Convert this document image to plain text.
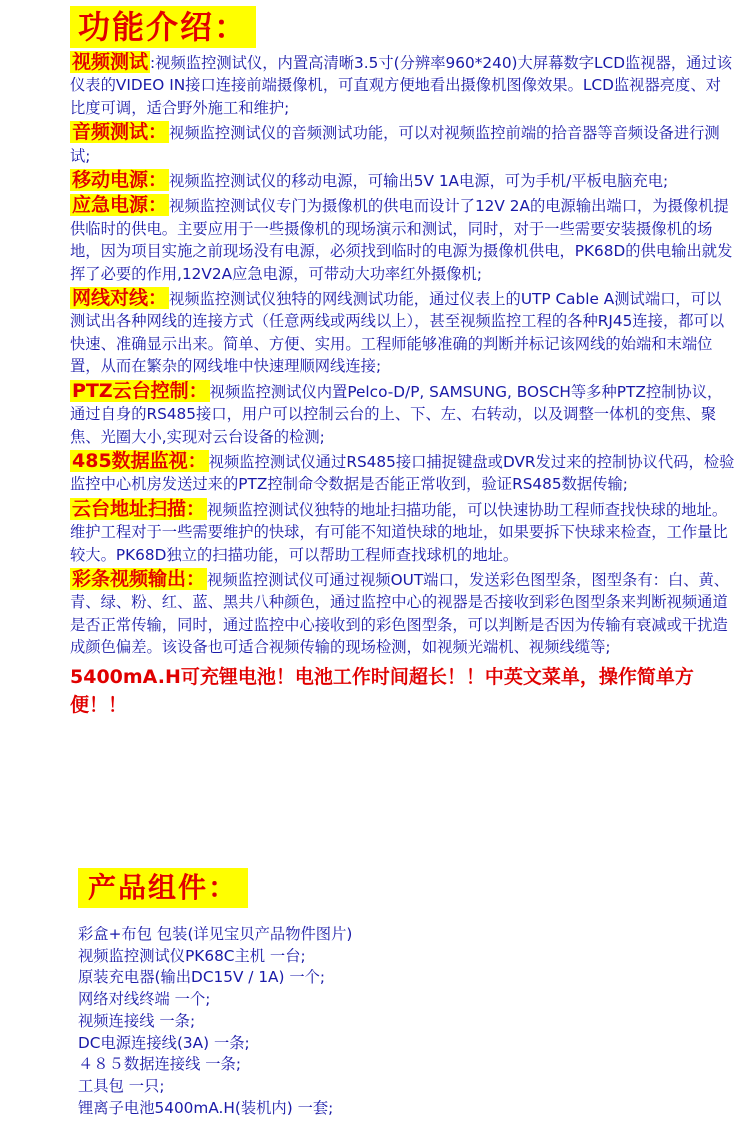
功能介绍：

视频测试 :视频监控测试仪，内置高清晰3.5寸(分辨率960*240)大屏幕数字LCD监视器，通过该仪表的VIDEO IN接口连接前端摄像机，可直观方便地看出摄像机图像效果。LCD监视器亮度、对比度可调，适合野外施工和维护;

音频测试： 视频监控测试仪的音频测试功能，可以对视频监控前端的拾音器等音频设备进行测试;

移动电源： 视频监控测试仪的移动电源，可输出5V 1A电源，可为手机/平板电脑充电;

应急电源： 视频监控测试仪专门为摄像机的供电而设计了12V 2A的电源输出端口，为摄像机提供临时的供电。主要应用于一些摄像机的现场演示和测试，同时，对于一些需要安装摄像机的场地，因为项目实施之前现场没有电源，必须找到临时的电源为摄像机供电，PK68D的供电输出就发挥了必要的作用,12V2A应急电源，可带动大功率红外摄像机;

网线对线： 视频监控测试仪独特的网线测试功能，通过仪表上的UTP Cable A测试端口，可以测试出各种网线的连接方式（任意两线或两线以上），甚至视频监控工程的各种RJ45连接，都可以快速、准确显示出来。简单、方便、实用。工程师能够准确的判断并标记该网线的始端和末端位置，从而在繁杂的网线堆中快速理顺网线连接;

PTZ云台控制： 视频监控测试仪内置Pelco-D/P, SAMSUNG, BOSCH等多种PTZ控制协议，通过自身的RS485接口，用户可以控制云台的上、下、左、右转动，以及调整一体机的变焦、聚焦、光圈大小,实现对云台设备的检测;

485数据监视： 视频监控测试仪通过RS485接口捕捉键盘或DVR发过来的控制协议代码，检验监控中心机房发送过来的PTZ控制命令数据是否能正常收到，验证RS485数据传输;

云台地址扫描： 视频监控测试仪独特的地址扫描功能，可以快速协助工程师查找快球的地址。维护工程对于一些需要维护的快球，有可能不知道快球的地址，如果要拆下快球来检查，工作量比较大。PK68D独立的扫描功能，可以帮助工程师查找球机的地址。

彩条视频输出： 视频监控测试仪可通过视频OUT端口，发送彩色图型条，图型条有：白、黄、青、绿、粉、红、蓝、黑共八种颜色，通过监控中心的视器是否接收到彩色图型条来判断视频通道是否正常传输，同时，通过监控中心接收到的彩色图型条，可以判断是否因为传输有衰减或干扰造成颜色偏差。该设备也可适合视频传输的现场检测，如视频光端机、视频线缆等;

5400mA.H可充锂电池！电池工作时间超长！！中英文菜单，操作简单方便！！
产品组件：
彩盒+布包 包装(详见宝贝产品物件图片)
视频监控测试仪PK68C主机 一台;
原装充电器(输出DC15V / 1A) 一个;
网络对线终端 一个;
视频连接线 一条;
DC电源连接线(3A) 一条;
４８５数据连接线 一条;
工具包 一只;
锂离子电池5400mA.H(装机内) 一套;
